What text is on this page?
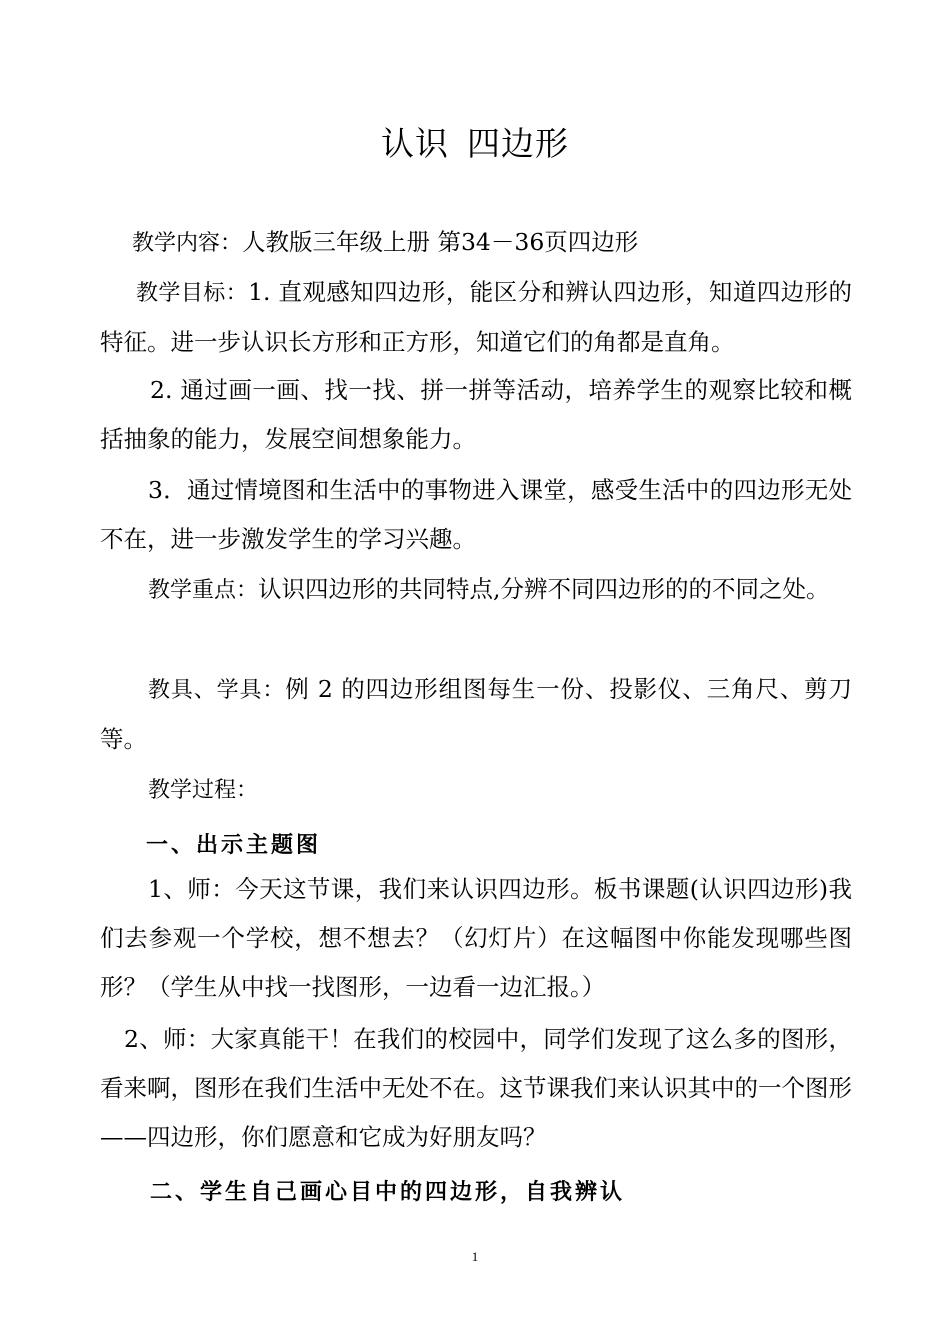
认识 四边形
教学内容：人教版三年级上册 第34－36页四边形
教学目标：1. 直观感知四边形，能区分和辨认四边形，知道四边形的特征。进一步认识长方形和正方形，知道它们的角都是直角。
2. 通过画一画、找一找、拼一拼等活动，培养学生的观察比较和概括抽象的能力，发展空间想象能力。
3．通过情境图和生活中的事物进入课堂，感受生活中的四边形无处不在，进一步激发学生的学习兴趣。
教学重点：认识四边形的共同特点,分辨不同四边形的的不同之处。
教具、学具：例 2 的四边形组图每生一份、投影仪、三角尺、剪刀等。
教学过程：
一、出示主题图
1、师：今天这节课，我们来认识四边形。板书课题(认识四边形)我们去参观一个学校，想不想去？（幻灯片）在这幅图中你能发现哪些图形？（学生从中找一找图形，一边看一边汇报。）
2、师：大家真能干！在我们的校园中，同学们发现了这么多的图形，看来啊，图形在我们生活中无处不在。这节课我们来认识其中的一个图形——四边形，你们愿意和它成为好朋友吗？
二、学生自己画心目中的四边形，自我辨认
1
